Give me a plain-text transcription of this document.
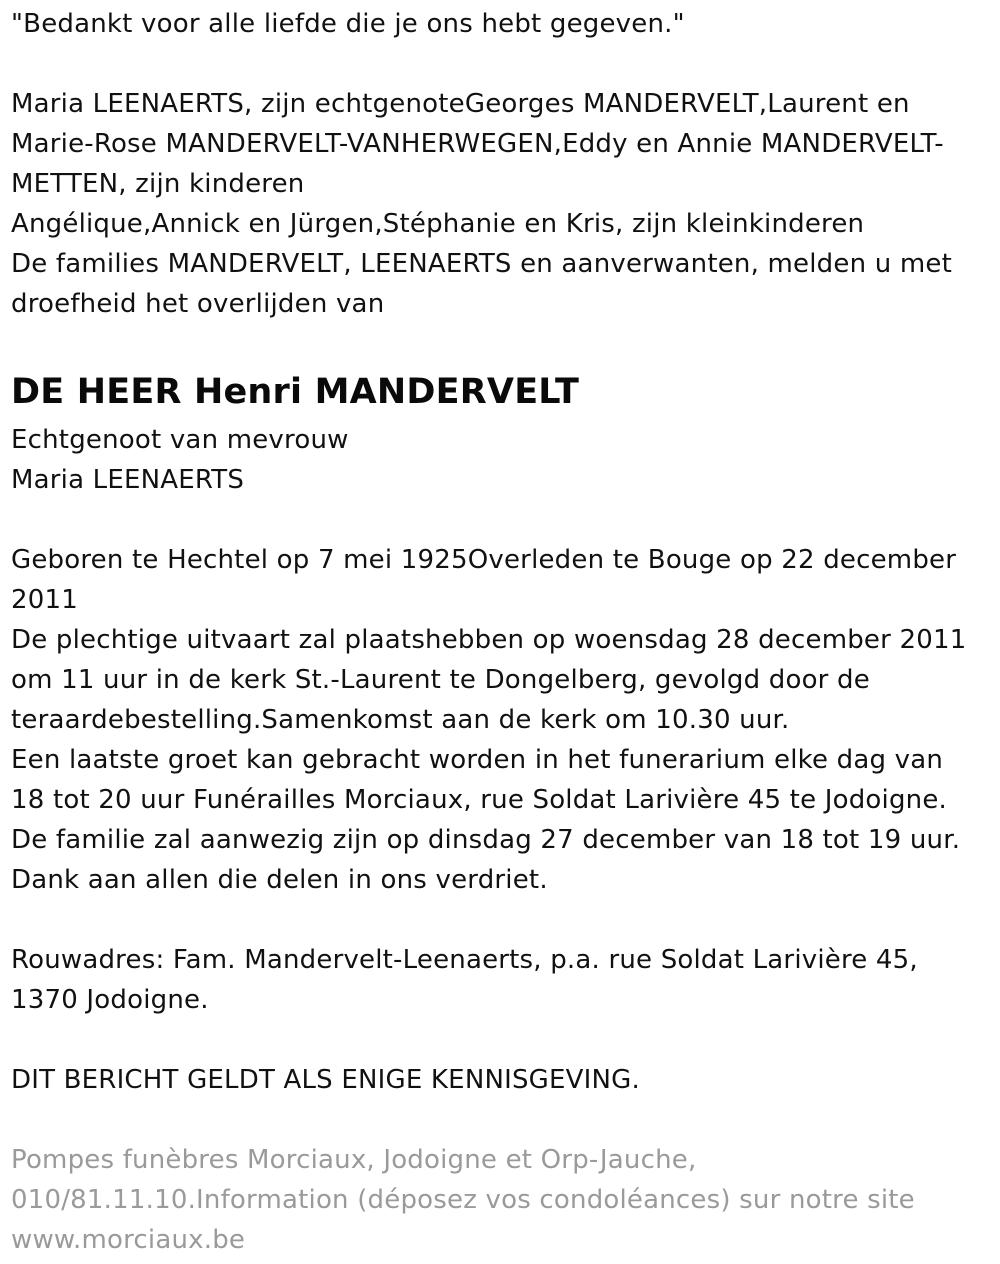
"Bedankt voor alle liefde die je ons hebt gegeven."
Maria LEENAERTS, zijn echtgenoteGeorges MANDERVELT,Laurent en
Marie-Rose MANDERVELT-VANHERWEGEN,Eddy en Annie MANDERVELT-
METTEN, zijn kinderen
Angélique,Annick en Jürgen,Stéphanie en Kris, zijn kleinkinderen
De families MANDERVELT, LEENAERTS en aanverwanten, melden u met
droefheid het overlijden van
DE HEER Henri MANDERVELT
Echtgenoot van mevrouw
Maria LEENAERTS
Geboren te Hechtel op 7 mei 1925Overleden te Bouge op 22 december
2011
De plechtige uitvaart zal plaatshebben op woensdag 28 december 2011
om 11 uur in de kerk St.-Laurent te Dongelberg, gevolgd door de
teraardebestelling.Samenkomst aan de kerk om 10.30 uur.
Een laatste groet kan gebracht worden in het funerarium elke dag van
18 tot 20 uur Funérailles Morciaux, rue Soldat Larivière 45 te Jodoigne.
De familie zal aanwezig zijn op dinsdag 27 december van 18 tot 19 uur.
Dank aan allen die delen in ons verdriet.
Rouwadres: Fam. Mandervelt-Leenaerts, p.a. rue Soldat Larivière 45,
1370 Jodoigne.
DIT BERICHT GELDT ALS ENIGE KENNISGEVING.
Pompes funèbres Morciaux, Jodoigne et Orp-Jauche,
010/81.11.10.Information (déposez vos condoléances) sur notre site
www.morciaux.be
